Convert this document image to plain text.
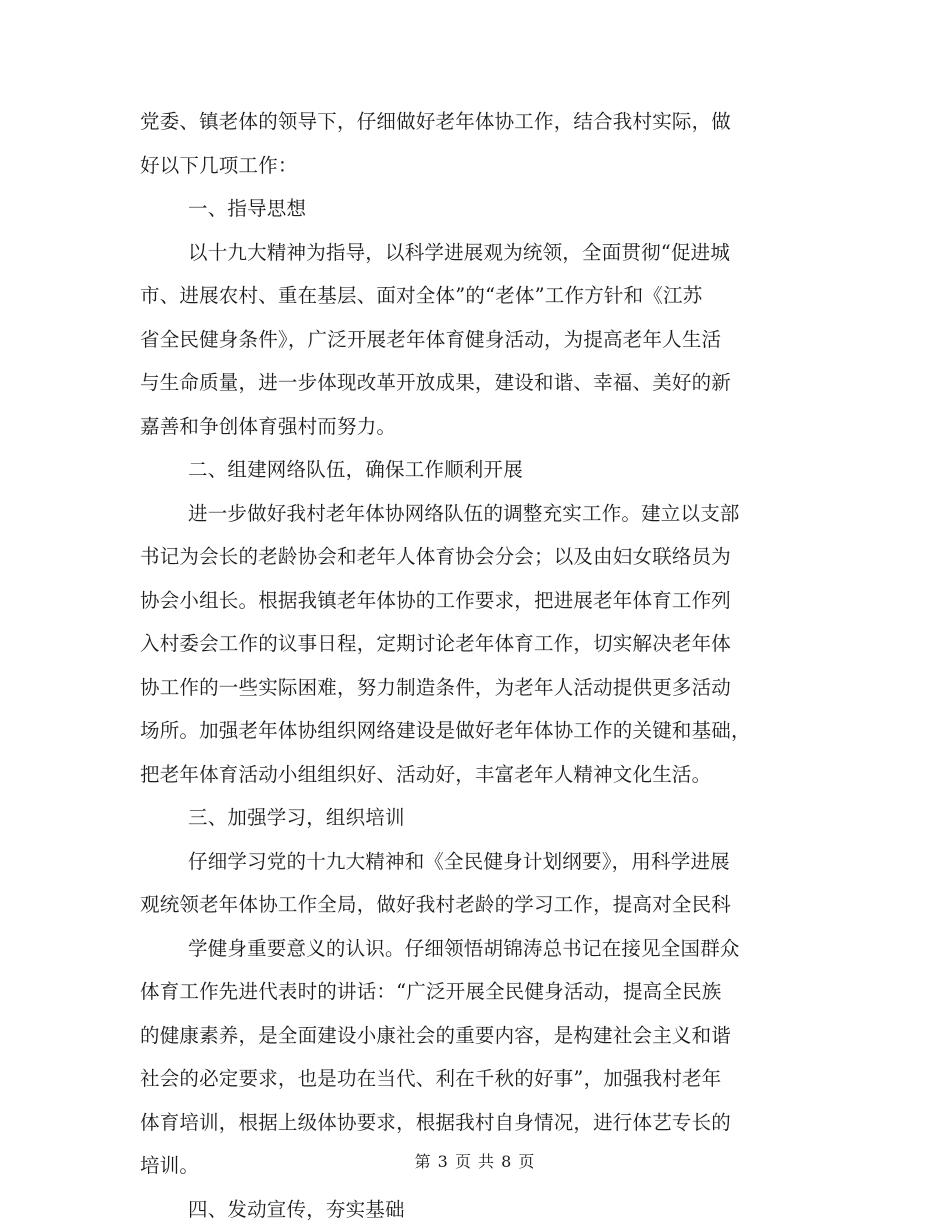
党委、镇老体的领导下，仔细做好老年体协工作，结合我村实际，做
好以下几项工作：
一、指导思想
以十九大精神为指导，以科学进展观为统领，全面贯彻“促进城
市、进展农村、重在基层、面对全体”的“老体”工作方针和《江苏
省全民健身条件》，广泛开展老年体育健身活动，为提高老年人生活
与生命质量，进一步体现改革开放成果，建设和谐、幸福、美好的新
嘉善和争创体育强村而努力。
二、组建网络队伍，确保工作顺利开展
进一步做好我村老年体协网络队伍的调整充实工作。建立以支部
书记为会长的老龄协会和老年人体育协会分会；以及由妇女联络员为
协会小组长。根据我镇老年体协的工作要求，把进展老年体育工作列
入村委会工作的议事日程，定期讨论老年体育工作，切实解决老年体
协工作的一些实际困难，努力制造条件，为老年人活动提供更多活动
场所。加强老年体协组织网络建设是做好老年体协工作的关键和基础，
把老年体育活动小组组织好、活动好，丰富老年人精神文化生活。
三、加强学习，组织培训
仔细学习党的十九大精神和《全民健身计划纲要》，用科学进展
观统领老年体协工作全局，做好我村老龄的学习工作，提高对全民科
学健身重要意义的认识。仔细领悟胡锦涛总书记在接见全国群众
体育工作先进代表时的讲话：“广泛开展全民健身活动，提高全民族
的健康素养，是全面建设小康社会的重要内容，是构建社会主义和谐
社会的必定要求，也是功在当代、利在千秋的好事”，加强我村老年
体育培训，根据上级体协要求，根据我村自身情况，进行体艺专长的
培训。
四、发动宣传，夯实基础
第 3 页 共 8 页
